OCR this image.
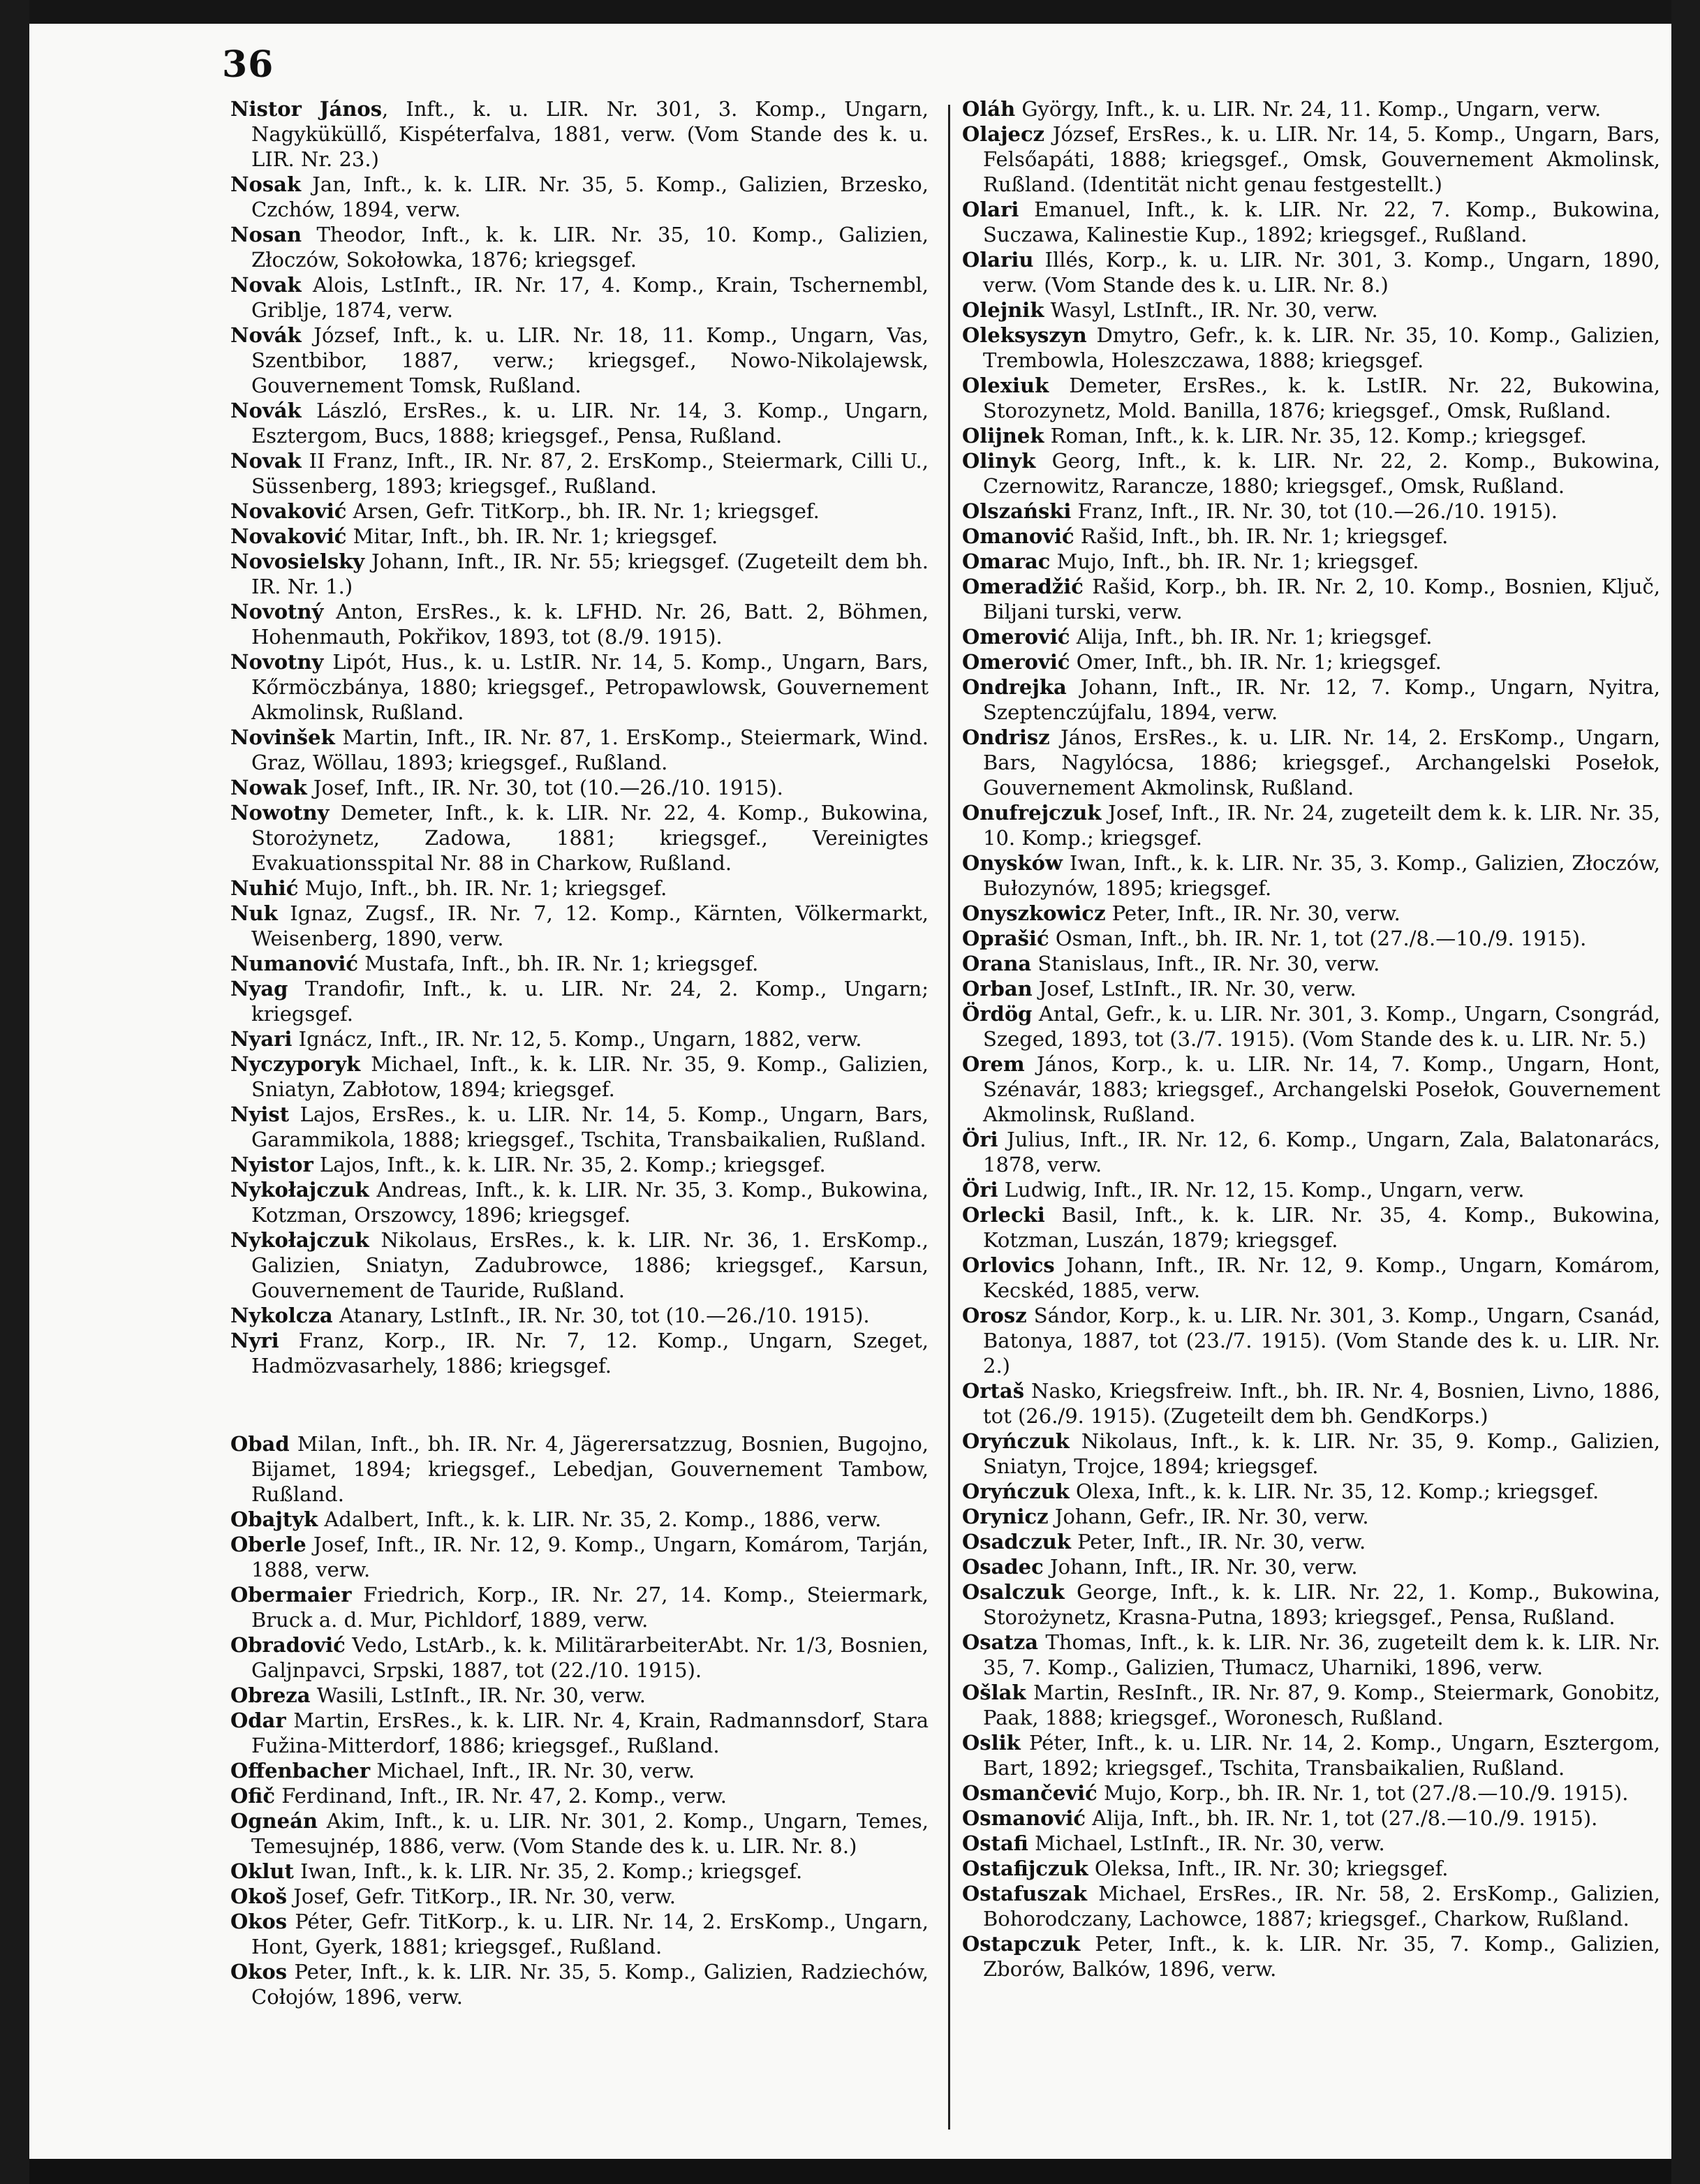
36

Nistor János, Inft., k. u. LIR. Nr. 301, 3. Komp., Ungarn, Nagyküküllő, Kispéterfalva, 1881, verw. (Vom Stande des k. u. LIR. Nr. 23.)

Nosak Jan, Inft., k. k. LIR. Nr. 35, 5. Komp., Galizien, Brzesko, Czchów, 1894, verw.

Nosan Theodor, Inft., k. k. LIR. Nr. 35, 10. Komp., Galizien, Złoczów, Sokołowka, 1876; kriegsgef.

Novak Alois, LstInft., IR. Nr. 17, 4. Komp., Krain, Tschernembl, Griblje, 1874, verw.

Novák József, Inft., k. u. LIR. Nr. 18, 11. Komp., Ungarn, Vas, Szentbibor, 1887, verw.; kriegsgef., Nowo-Nikolajewsk, Gouvernement Tomsk, Rußland.

Novák László, ErsRes., k. u. LIR. Nr. 14, 3. Komp., Ungarn, Esztergom, Bucs, 1888; kriegsgef., Pensa, Rußland.

Novak II Franz, Inft., IR. Nr. 87, 2. ErsKomp., Steiermark, Cilli U., Süssenberg, 1893; kriegsgef., Rußland.

Novaković Arsen, Gefr. TitKorp., bh. IR. Nr. 1; kriegsgef.

Novaković Mitar, Inft., bh. IR. Nr. 1; kriegsgef.

Novosielsky Johann, Inft., IR. Nr. 55; kriegsgef. (Zugeteilt dem bh. IR. Nr. 1.)

Novotný Anton, ErsRes., k. k. LFHD. Nr. 26, Batt. 2, Böhmen, Hohenmauth, Pokřikov, 1893, tot (8./9. 1915).

Novotny Lipót, Hus., k. u. LstIR. Nr. 14, 5. Komp., Ungarn, Bars, Kőrmöczbánya, 1880; kriegsgef., Petropawlowsk, Gouvernement Akmolinsk, Rußland.

Novinšek Martin, Inft., IR. Nr. 87, 1. ErsKomp., Steiermark, Wind. Graz, Wöllau, 1893; kriegsgef., Rußland.

Nowak Josef, Inft., IR. Nr. 30, tot (10.—26./10. 1915).

Nowotny Demeter, Inft., k. k. LIR. Nr. 22, 4. Komp., Bukowina, Storożynetz, Zadowa, 1881; kriegsgef., Vereinigtes Evakuationsspital Nr. 88 in Charkow, Rußland.

Nuhić Mujo, Inft., bh. IR. Nr. 1; kriegsgef.

Nuk Ignaz, Zugsf., IR. Nr. 7, 12. Komp., Kärnten, Völkermarkt, Weisenberg, 1890, verw.

Numanović Mustafa, Inft., bh. IR. Nr. 1; kriegsgef.

Nyag Trandofir, Inft., k. u. LIR. Nr. 24, 2. Komp., Ungarn; kriegsgef.

Nyari Ignácz, Inft., IR. Nr. 12, 5. Komp., Ungarn, 1882, verw.

Nyczyporyk Michael, Inft., k. k. LIR. Nr. 35, 9. Komp., Galizien, Sniatyn, Zabłotow, 1894; kriegsgef.

Nyist Lajos, ErsRes., k. u. LIR. Nr. 14, 5. Komp., Ungarn, Bars, Garammikola, 1888; kriegsgef., Tschita, Transbaikalien, Rußland.

Nyistor Lajos, Inft., k. k. LIR. Nr. 35, 2. Komp.; kriegsgef.

Nykołajczuk Andreas, Inft., k. k. LIR. Nr. 35, 3. Komp., Bukowina, Kotzman, Orszowcy, 1896; kriegsgef.

Nykołajczuk Nikolaus, ErsRes., k. k. LIR. Nr. 36, 1. ErsKomp., Galizien, Sniatyn, Zadubrowce, 1886; kriegsgef., Karsun, Gouvernement de Tauride, Rußland.

Nykolcza Atanary, LstInft., IR. Nr. 30, tot (10.—26./10. 1915).

Nyri Franz, Korp., IR. Nr. 7, 12. Komp., Ungarn, Szeget, Hadmözvasarhely, 1886; kriegsgef.

Obad Milan, Inft., bh. IR. Nr. 4, Jägerersatzzug, Bosnien, Bugojno, Bijamet, 1894; kriegsgef., Lebedjan, Gouvernement Tambow, Rußland.

Obajtyk Adalbert, Inft., k. k. LIR. Nr. 35, 2. Komp., 1886, verw.

Oberle Josef, Inft., IR. Nr. 12, 9. Komp., Ungarn, Komárom, Tarján, 1888, verw.

Obermaier Friedrich, Korp., IR. Nr. 27, 14. Komp., Steiermark, Bruck a. d. Mur, Pichldorf, 1889, verw.

Obradović Vedo, LstArb., k. k. MilitärarbeiterAbt. Nr. 1/3, Bosnien, Galjnpavci, Srpski, 1887, tot (22./10. 1915).

Obreza Wasili, LstInft., IR. Nr. 30, verw.

Odar Martin, ErsRes., k. k. LIR. Nr. 4, Krain, Radmannsdorf, Stara Fužina-Mitterdorf, 1886; kriegsgef., Rußland.

Offenbacher Michael, Inft., IR. Nr. 30, verw.

Ofič Ferdinand, Inft., IR. Nr. 47, 2. Komp., verw.

Ogneán Akim, Inft., k. u. LIR. Nr. 301, 2. Komp., Ungarn, Temes, Temesujnép, 1886, verw. (Vom Stande des k. u. LIR. Nr. 8.)

Oklut Iwan, Inft., k. k. LIR. Nr. 35, 2. Komp.; kriegsgef.

Okoš Josef, Gefr. TitKorp., IR. Nr. 30, verw.

Okos Péter, Gefr. TitKorp., k. u. LIR. Nr. 14, 2. ErsKomp., Ungarn, Hont, Gyerk, 1881; kriegsgef., Rußland.

Okos Peter, Inft., k. k. LIR. Nr. 35, 5. Komp., Galizien, Radziechów, Cołojów, 1896, verw.

Oláh György, Inft., k. u. LIR. Nr. 24, 11. Komp., Ungarn, verw.

Olajecz József, ErsRes., k. u. LIR. Nr. 14, 5. Komp., Ungarn, Bars, Felsőapáti, 1888; kriegsgef., Omsk, Gouvernement Akmolinsk, Rußland. (Identität nicht genau festgestellt.)

Olari Emanuel, Inft., k. k. LIR. Nr. 22, 7. Komp., Bukowina, Suczawa, Kalinestie Kup., 1892; kriegsgef., Rußland.

Olariu Illés, Korp., k. u. LIR. Nr. 301, 3. Komp., Ungarn, 1890, verw. (Vom Stande des k. u. LIR. Nr. 8.)

Olejnik Wasyl, LstInft., IR. Nr. 30, verw.

Oleksyszyn Dmytro, Gefr., k. k. LIR. Nr. 35, 10. Komp., Galizien, Trembowla, Holeszczawa, 1888; kriegsgef.

Olexiuk Demeter, ErsRes., k. k. LstIR. Nr. 22, Bukowina, Storozynetz, Mold. Banilla, 1876; kriegsgef., Omsk, Rußland.

Olijnek Roman, Inft., k. k. LIR. Nr. 35, 12. Komp.; kriegsgef.

Olinyk Georg, Inft., k. k. LIR. Nr. 22, 2. Komp., Bukowina, Czernowitz, Rarancze, 1880; kriegsgef., Omsk, Rußland.

Olszański Franz, Inft., IR. Nr. 30, tot (10.—26./10. 1915).

Omanović Rašid, Inft., bh. IR. Nr. 1; kriegsgef.

Omarac Mujo, Inft., bh. IR. Nr. 1; kriegsgef.

Omeradžić Rašid, Korp., bh. IR. Nr. 2, 10. Komp., Bosnien, Ključ, Biljani turski, verw.

Omerović Alija, Inft., bh. IR. Nr. 1; kriegsgef.

Omerović Omer, Inft., bh. IR. Nr. 1; kriegsgef.

Ondrejka Johann, Inft., IR. Nr. 12, 7. Komp., Ungarn, Nyitra, Szeptenczújfalu, 1894, verw.

Ondrisz János, ErsRes., k. u. LIR. Nr. 14, 2. ErsKomp., Ungarn, Bars, Nagylócsa, 1886; kriegsgef., Archangelski Posełok, Gouvernement Akmolinsk, Rußland.

Onufrejczuk Josef, Inft., IR. Nr. 24, zugeteilt dem k. k. LIR. Nr. 35, 10. Komp.; kriegsgef.

Onysków Iwan, Inft., k. k. LIR. Nr. 35, 3. Komp., Galizien, Złoczów, Bułozynów, 1895; kriegsgef.

Onyszkowicz Peter, Inft., IR. Nr. 30, verw.

Oprašić Osman, Inft., bh. IR. Nr. 1, tot (27./8.—10./9. 1915).

Orana Stanislaus, Inft., IR. Nr. 30, verw.

Orban Josef, LstInft., IR. Nr. 30, verw.

Ördög Antal, Gefr., k. u. LIR. Nr. 301, 3. Komp., Ungarn, Csongrád, Szeged, 1893, tot (3./7. 1915). (Vom Stande des k. u. LIR. Nr. 5.)

Orem János, Korp., k. u. LIR. Nr. 14, 7. Komp., Ungarn, Hont, Szénavár, 1883; kriegsgef., Archangelski Posełok, Gouvernement Akmolinsk, Rußland.

Öri Julius, Inft., IR. Nr. 12, 6. Komp., Ungarn, Zala, Balatonarács, 1878, verw.

Öri Ludwig, Inft., IR. Nr. 12, 15. Komp., Ungarn, verw.

Orlecki Basil, Inft., k. k. LIR. Nr. 35, 4. Komp., Bukowina, Kotzman, Luszán, 1879; kriegsgef.

Orlovics Johann, Inft., IR. Nr. 12, 9. Komp., Ungarn, Komárom, Kecskéd, 1885, verw.

Orosz Sándor, Korp., k. u. LIR. Nr. 301, 3. Komp., Ungarn, Csanád, Batonya, 1887, tot (23./7. 1915). (Vom Stande des k. u. LIR. Nr. 2.)

Ortaš Nasko, Kriegsfreiw. Inft., bh. IR. Nr. 4, Bosnien, Livno, 1886, tot (26./9. 1915). (Zugeteilt dem bh. GendKorps.)

Oryńczuk Nikolaus, Inft., k. k. LIR. Nr. 35, 9. Komp., Galizien, Sniatyn, Trojce, 1894; kriegsgef.

Oryńczuk Olexa, Inft., k. k. LIR. Nr. 35, 12. Komp.; kriegsgef.

Orynicz Johann, Gefr., IR. Nr. 30, verw.

Osadczuk Peter, Inft., IR. Nr. 30, verw.

Osadec Johann, Inft., IR. Nr. 30, verw.

Osalczuk George, Inft., k. k. LIR. Nr. 22, 1. Komp., Bukowina, Storożynetz, Krasna-Putna, 1893; kriegsgef., Pensa, Rußland.

Osatza Thomas, Inft., k. k. LIR. Nr. 36, zugeteilt dem k. k. LIR. Nr. 35, 7. Komp., Galizien, Tłumacz, Uharniki, 1896, verw.

Ošlak Martin, ResInft., IR. Nr. 87, 9. Komp., Steiermark, Gonobitz, Paak, 1888; kriegsgef., Woronesch, Rußland.

Oslik Péter, Inft., k. u. LIR. Nr. 14, 2. Komp., Ungarn, Esztergom, Bart, 1892; kriegsgef., Tschita, Transbaikalien, Rußland.

Osmančević Mujo, Korp., bh. IR. Nr. 1, tot (27./8.—10./9. 1915).

Osmanović Alija, Inft., bh. IR. Nr. 1, tot (27./8.—10./9. 1915).

Ostafi Michael, LstInft., IR. Nr. 30, verw.

Ostafijczuk Oleksa, Inft., IR. Nr. 30; kriegsgef.

Ostafuszak Michael, ErsRes., IR. Nr. 58, 2. ErsKomp., Galizien, Bohorodczany, Lachowce, 1887; kriegsgef., Charkow, Rußland.

Ostapczuk Peter, Inft., k. k. LIR. Nr. 35, 7. Komp., Galizien, Zborów, Balków, 1896, verw.
